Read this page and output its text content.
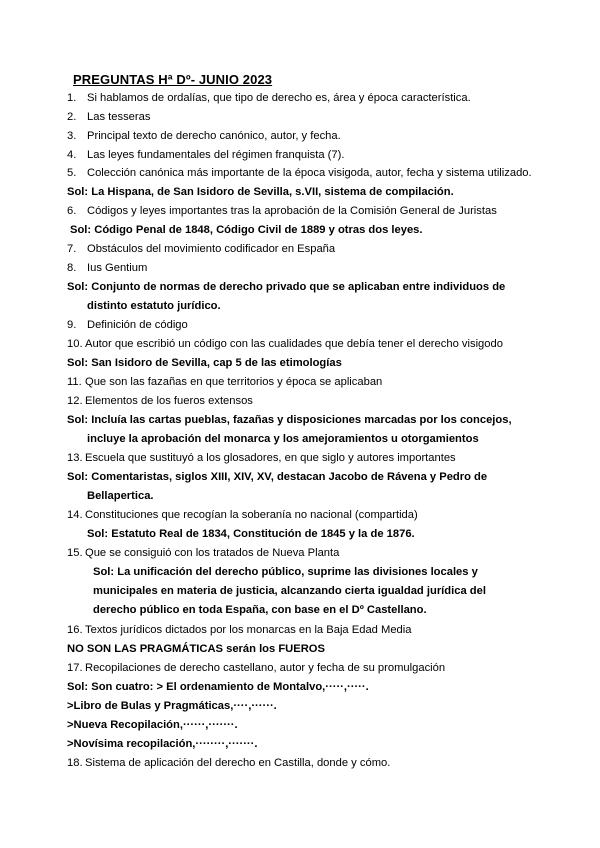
PREGUNTAS Hª Dº- JUNIO 2023
1. Si hablamos de ordalías, que tipo de derecho es, área y época característica.
2. Las tesseras
3. Principal texto de derecho canónico, autor, y fecha.
4. Las leyes fundamentales del régimen franquista (7).
5. Colección canónica más importante de la época visigoda, autor, fecha y sistema utilizado.
Sol: La Hispana, de San Isidoro de Sevilla, s.VII, sistema de compilación.
6. Códigos y leyes importantes tras la aprobación de la Comisión General de Juristas
Sol: Código Penal de 1848, Código Civil de 1889 y otras dos leyes.
7. Obstáculos del movimiento codificador en España
8. Ius Gentium
Sol: Conjunto de normas de derecho privado que se aplicaban entre individuos de
distinto estatuto jurídico.
9. Definición de código
10. Autor que escribió un código con las cualidades que debía tener el derecho visigodo
Sol: San Isidoro de Sevilla, cap 5 de las etimologías
11. Que son las fazañas en que territorios y época se aplicaban
12. Elementos de los fueros extensos
Sol: Incluía las cartas pueblas, fazañas y disposiciones marcadas por los concejos,
incluye la aprobación del monarca y los amejoramientos u otorgamientos
13. Escuela que sustituyó a los glosadores, en que siglo y autores importantes
Sol: Comentaristas, siglos XIII, XIV, XV, destacan Jacobo de Rávena y Pedro de
Bellapertica.
14. Constituciones que recogían la soberanía no nacional (compartida)
Sol: Estatuto Real de 1834, Constitución de 1845 y la de 1876.
15. Que se consiguió con los tratados de Nueva Planta
Sol: La unificación del derecho público, suprime las divisiones locales y
municipales en materia de justicia, alcanzando cierta igualdad jurídica del
derecho público en toda España, con base en el Dº Castellano.
16. Textos jurídicos dictados por los monarcas en la Baja Edad Media
NO SON LAS PRAGMÁTICAS serán los FUEROS
17. Recopilaciones de derecho castellano, autor y fecha de su promulgación
Sol: Son cuatro: > El ordenamiento de Montalvo,·····,·····.
>Libro de Bulas y Pragmáticas,····,······.
>Nueva Recopilación,······,·······.
>Novísima recopilación,········,·······.
18. Sistema de aplicación del derecho en Castilla, donde y cómo.
